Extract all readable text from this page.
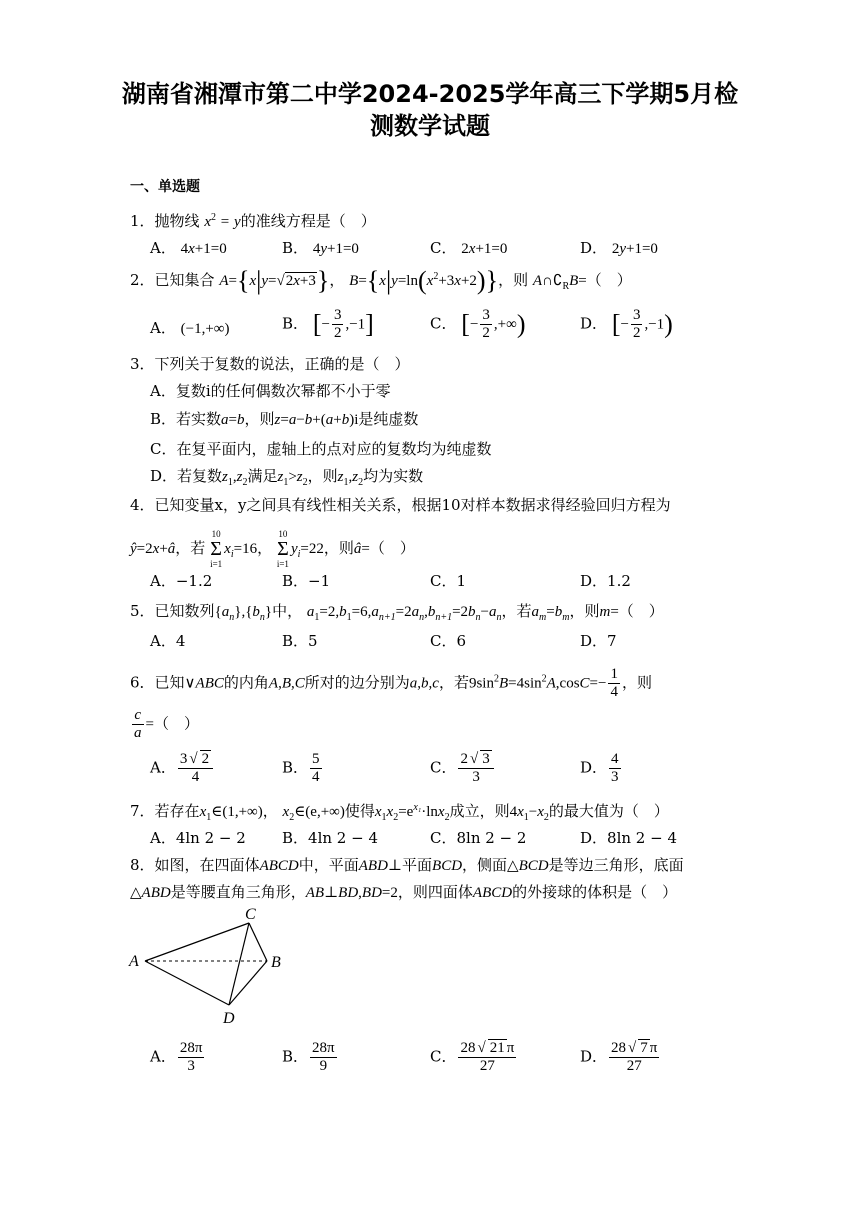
湖南省湘潭市第二中学2024-2025学年高三下学期5月检
测数学试题
一、单选题
1．抛物线 $x^2 = y$的准线方程是（　）
A． 4x+1=0	B． 4y+1=0	C． 2x+1=0	D． 2y+1=0
2．已知集合 A={x|y=√2x+3}， $B=\{x|y=\ln(x^2+3x+2)\}$，则 $A\cap∁_RB=$（　）
A． (−1,+∞)	B． [− $\frac{3}{2} ,-1$]	C． [− $\frac{3}{2}$ ,+∞)	D． [− $\frac{3}{2} ,-1$)
3．下列关于复数的说法，正确的是（　）
A．复数i的任何偶数次幂都不小于零
B．若实数a=b，则z=a−b+(a+b)i是纯虚数
C．在复平面内，虚轴上的点对应的复数均为纯虚数
D．若复数$z_1,z_2$满足$z_1>z_2$，则$z_1,z_2$均为实数
4．已知变量x，y之间具有线性相关关系，根据10对样本数据求得经验回归方程为
ŷ=2x+â，若
10
Σ
i=1
$x_i=16$，
10
Σ
i=1
$y_i=22$，则â=（　）
A．−1.2	B．−1	C．1	D．1.2
5．已知数列$\{a_n\},\{b_n\}$中， $a_1=2,b_1=6,a_{n+1}=2a_n,b_{n+1}=2b_n-a_n$，若$a_m=b_m$，则m=（　）
A．4	B．5	C．6	D．7
6．已知∨ABC的内角A,B,C所对的边分别为a,b,c，若$9\sin^2B=4\sin^2A,\cos C=- \frac{1}{4}$ ，则
$\frac{c}{a}$ =（　）
A． $\frac{3 √ 2}{4}$	B． $\frac{5}{4}$	C． $\frac{2 √ 3}{3}$	D． $\frac{4}{3}$
7．若存在$x_1\in(1,+\infty)$， $x_2\in(e,+\infty)$使得$x_1x_2=e^{x_1}\cdot\ln x_2$成立，则$4x_1-x_2$的最大值为（　）
A．4ln 2 − 2 B．4ln 2 − 4	C．8ln 2 − 2	D．8ln 2 − 4
8．如图，在四面体ABCD中，平面ABD⊥平面BCD，侧面△BCD是等边三角形，底面
△ABD是等腰直角三角形，AB⊥BD,BD=2，则四面体ABCD的外接球的体积是（　）
A	B
C
D
A． $\frac{28\pi}{3}$	B． $\frac{28\pi}{9}$	C． $\frac{28 √ 21 \pi}{27}$	D． $\frac{28 √ 7 \pi}{27}$
